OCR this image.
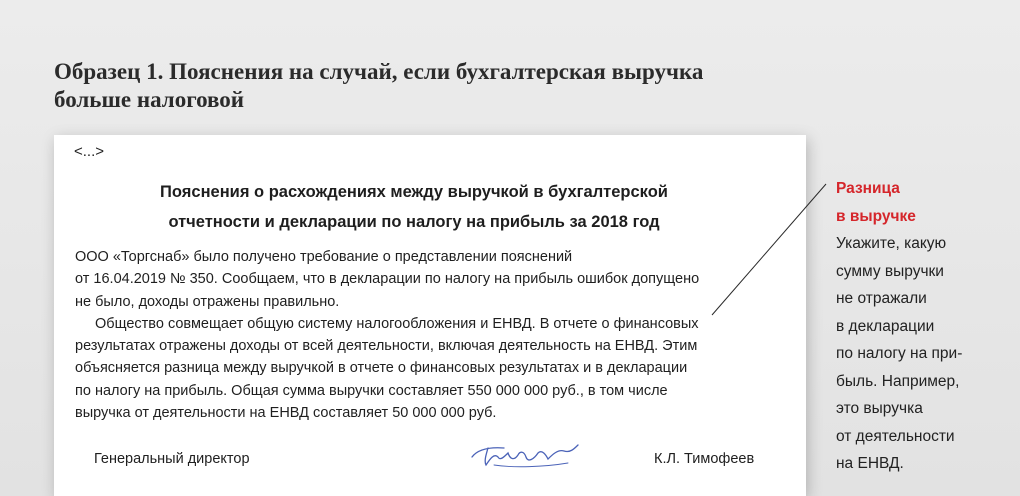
Образец 1. Пояснения на случай, если бухгалтерская выручка
больше налоговой
<...>
Пояснения о расхождениях между выручкой в бухгалтерской
отчетности и декларации по налогу на прибыль за 2018 год
ООО «Торгснаб» было получено требование о представлении пояснений
от 16.04.2019 № 350. Сообщаем, что в декларации по налогу на прибыль ошибок допущено
не было, доходы отражены правильно.
Общество совмещает общую систему налогообложения и ЕНВД. В отчете о финансовых
результатах отражены доходы от всей деятельности, включая деятельность на ЕНВД. Этим
объясняется разница между выручкой в отчете о финансовых результатах и в декларации
по налогу на прибыль. Общая сумма выручки составляет 550 000 000 руб., в том числе
выручка от деятельности на ЕНВД составляет 50 000 000 руб.
Генеральный директор	К.Л. Тимофеев
Разница
в выручке
Укажите, какую
сумму выручки
не отражали
в декларации
по налогу на при-
быль. Например,
это выручка
от деятельности
на ЕНВД.
